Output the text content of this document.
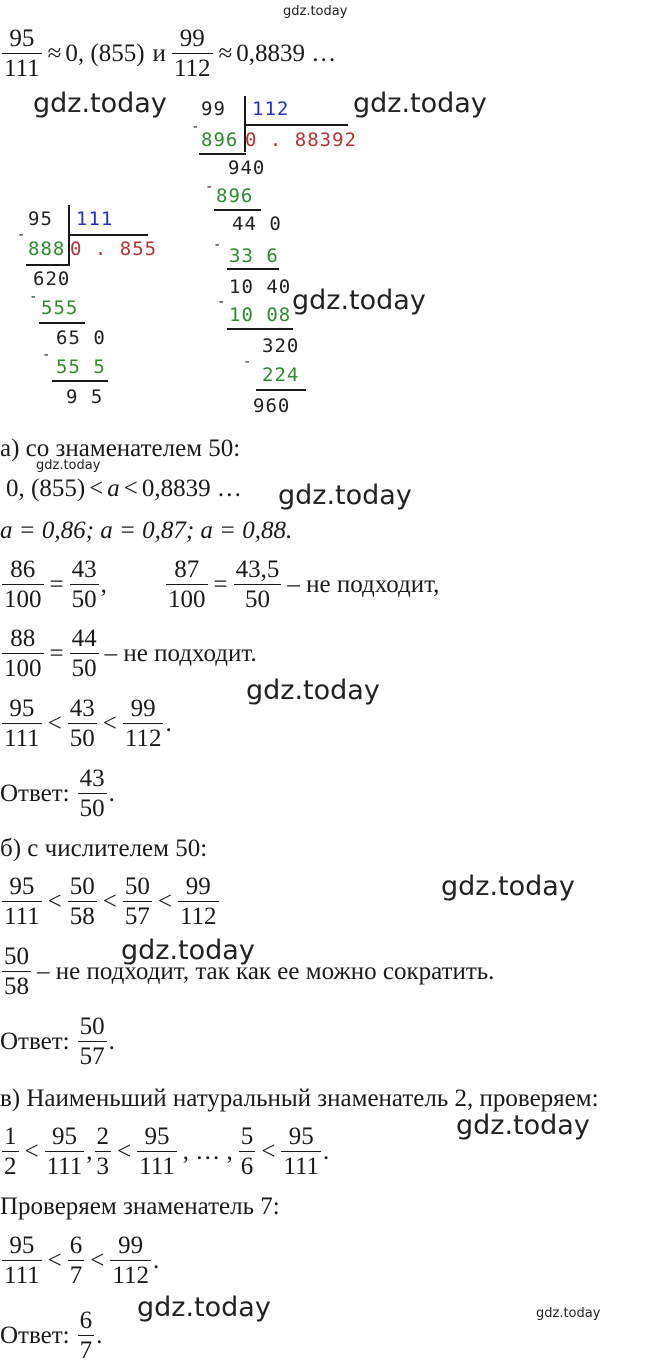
gdz.today
gdz.today	gdz.today
gdz.today
gdz.today
gdz.today
gdz.today
gdz.today
gdz.today
gdz.today
gdz.today	gdz.today
$\frac{95}{111} \approx 0$, (855) и $\frac{99}{112} \approx 0,8839$ …
99 112
-
896 0 . 88392
940
- 896
44 0
- 33 6
10 40
-
10 08
320
-
224
960
95 111
-
888 0 . 855
620
- 555
65 0
-
55 5
9 5
а) со знаменателем 50:
0, (855) < a < 0,8839 …
a = 0,86; a = 0,87; a = 0,88.
$\frac{86}{100} = \frac{43}{50}$ , $\frac{87}{100} = \frac{43,5}{50}$ – не подходит,
$\frac{88}{100} = \frac{44}{50}$ – не подходит.
$\frac{95}{111} < \frac{43}{50} < \frac{99}{112}$ .
Ответ: $\frac{43}{50}$ .
б) с числителем 50:
$\frac{95}{111} < \frac{50}{58} < \frac{50}{57} < \frac{99}{112}$
$\frac{50}{58}$ – не подходит, так как ее можно сократить.
Ответ: $\frac{50}{57}$ .
в) Наименьший натуральный знаменатель 2, проверяем:
$\frac{1}{2} < \frac{95}{111}$ , $\frac{2}{3} < \frac{95}{111}$ , … , $\frac{5}{6} < \frac{95}{111}$ .
Проверяем знаменатель 7:
$\frac{95}{111} < \frac{6}{7} < \frac{99}{112}$ .
Ответ: $\frac{6}{7}$ .
